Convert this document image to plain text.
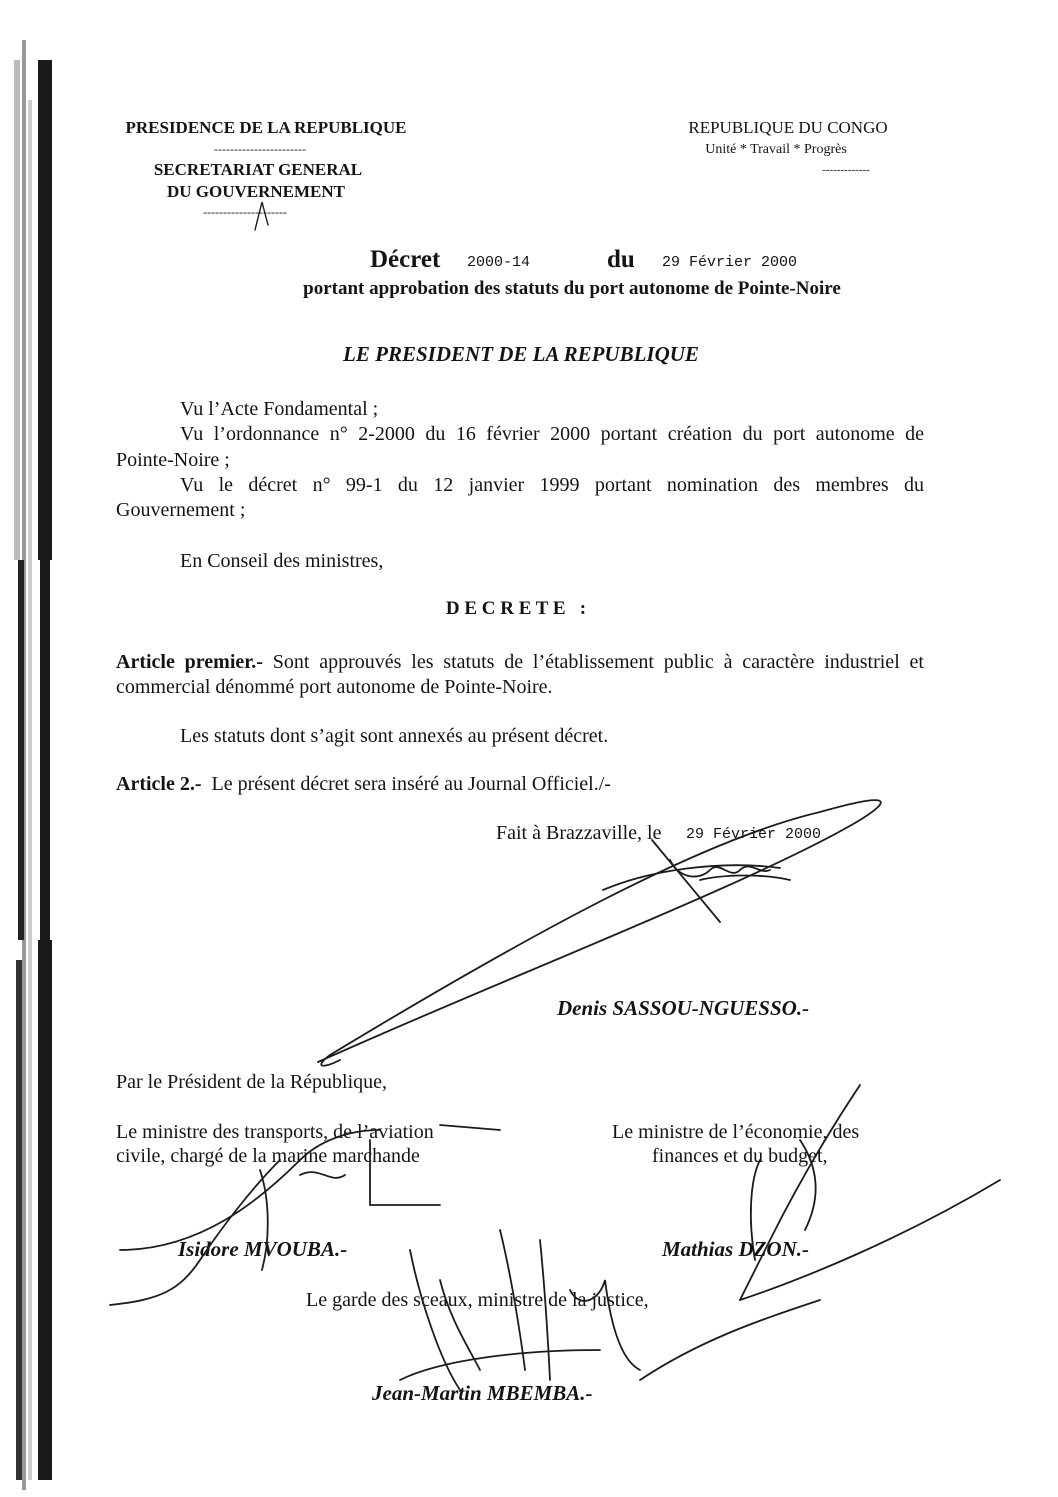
PRESIDENCE DE LA REPUBLIQUE
-----------------------
SECRETARIAT GENERAL
DU GOUVERNEMENT
---------------------
REPUBLIQUE DU CONGO
Unité * Travail * Progrès
-------------
Décret 2000-14	du 29 Février 2000
portant approbation des statuts du port autonome de Pointe-Noire
LE PRESIDENT DE LA REPUBLIQUE
Vu l’Acte Fondamental ;
Vu l’ordonnance n° 2-2000 du 16 février 2000 portant création du port autonome de
Pointe-Noire ;
Vu le décret n° 99-1 du 12 janvier 1999 portant nomination des membres du
Gouvernement ;
En Conseil des ministres,
D E C R E T E   :
Article premier.- Sont approuvés les statuts de l’établissement public à caractère industriel et
commercial dénommé port autonome de Pointe-Noire.
Les statuts dont s’agit sont annexés au présent décret.
Article 2.- Le présent décret sera inséré au Journal Officiel./-
Fait à Brazzaville, le 29 Février 2000
Denis SASSOU-NGUESSO.-
Par le Président de la République,
Le ministre des transports, de l’aviation
civile, chargé de la marine marchande
Isidore MVOUBA.-
Le ministre de l’économie, des
finances et du budget,
Mathias DZON.-
Le garde des sceaux, ministre de la justice,
Jean-Martin MBEMBA.-
